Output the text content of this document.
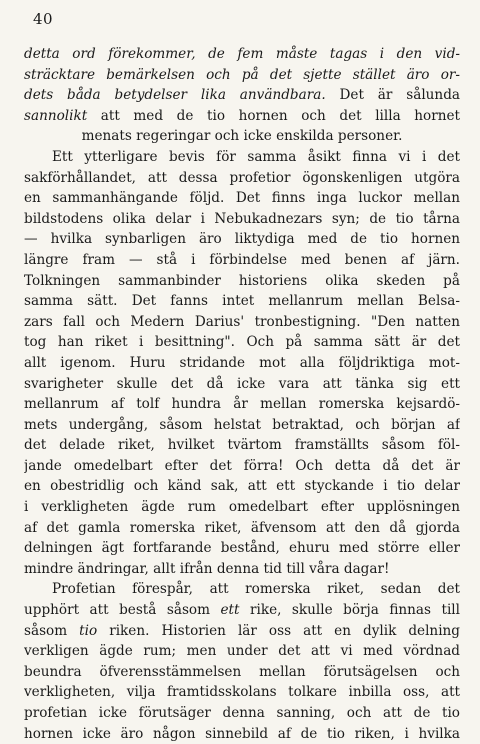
40
detta ord förekommer, de fem måste tagas i den vid-
sträcktare bemärkelsen och på det sjette stället äro or-
dets båda betydelser lika användbara. Det är sålunda
sannolikt att med de tio hornen och det lilla hornet
menats regeringar och icke enskilda personer.
Ett ytterligare bevis för samma åsikt finna vi i det
sakförhållandet, att dessa profetior ögonskenligen utgöra
en sammanhängande följd. Det finns inga luckor mellan
bildstodens olika delar i Nebukadnezars syn; de tio tårna
— hvilka synbarligen äro liktydiga med de tio hornen
längre fram — stå i förbindelse med benen af järn.
Tolkningen sammanbinder historiens olika skeden på
samma sätt. Det fanns intet mellanrum mellan Belsa-
zars fall och Medern Darius' tronbestigning. "Den natten
tog han riket i besittning". Och på samma sätt är det
allt igenom. Huru stridande mot alla följdriktiga mot-
svarigheter skulle det då icke vara att tänka sig ett
mellanrum af tolf hundra år mellan romerska kejsardö-
mets undergång, såsom helstat betraktad, och början af
det delade riket, hvilket tvärtom framställts såsom föl-
jande omedelbart efter det förra! Och detta då det är
en obestridlig och känd sak, att ett styckande i tio delar
i verkligheten ägde rum omedelbart efter upplösningen
af det gamla romerska riket, äfvensom att den då gjorda
delningen ägt fortfarande bestånd, ehuru med större eller
mindre ändringar, allt ifrån denna tid till våra dagar!
Profetian förespår, att romerska riket, sedan det
upphört att bestå såsom ett rike, skulle börja finnas till
såsom tio riken. Historien lär oss att en dylik delning
verkligen ägde rum; men under det att vi med vördnad
beundra öfverensstämmelsen mellan förutsägelsen och
verkligheten, vilja framtidsskolans tolkare inbilla oss, att
profetian icke förutsäger denna sanning, och att de tio
hornen icke äro någon sinnebild af de tio riken, i hvilka
